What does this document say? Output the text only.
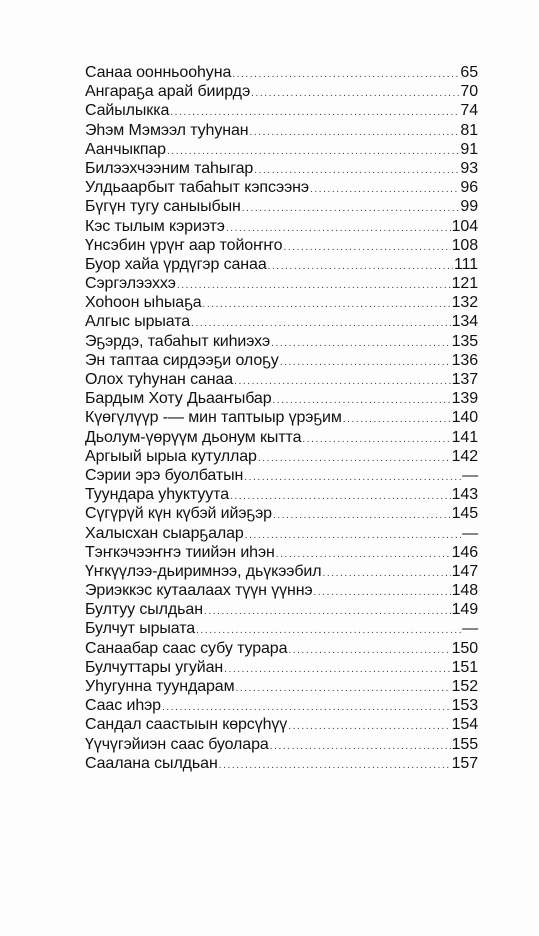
Санаа оонньооһуна .....	65
Ангараҕа арай биирдэ .....	70
Сайылыкка .....	74
Эһэм Мэмээл туһунан .....	81
Аанчыкпар .....	91
Билээхчээним таһыгар .....	93
Улдьаарбыт табаһыт кэпсээнэ .....	96
Бүгүн тугу саныыбын .....	99
Кэс тылым кэриэтэ .....	104
Үнсэбин үрүҥ аар тойоҥҥо .....	108
Буор хайа үрдүгэр санаа .....	111
Сэргэлээххэ .....	121
Хоһоон ыһыаҕа .....	132
Алгыс ырыата .....	134
Эҕэрдэ, табаһыт киһиэхэ .....	135
Эн таптаа сирдээҕи олоҕу .....	136
Олох туһунан санаа .....	137
Бардым Хоту Дьааҥыбар .....	139
Күөгүлүүр -— мин таптыыр үрэҕим .....	140
Дьолум-үөрүүм дьонум кытта .....	141
Аргыый ырыа кутуллар .....	142
Сэрии эрэ буолбатын .....	—
Туундара уһуктуута .....	143
Сүгүрүй күн күбэй ийэҕэр .....	145
Халысхан сыарҕалар .....	—
Тэҥкэчээҥҥэ тиийэн иһэн .....	146
Үҥкүүлээ-дьиримнээ, дьүкээбил .....	147
Эриэккэс кутаалаах түүн үүннэ .....	148
Бултуу сылдьан .....	149
Булчут ырыата .....	—
Санаабар саас субу турара .....	150
Булчуттары угуйан .....	151
Уһугунна туундарам .....	152
Саас иһэр .....	153
Сандал саастыын көрсүһүү .....	154
Үүчүгэйиэн саас буолара .....	155
Саалана сылдьан .....	157
